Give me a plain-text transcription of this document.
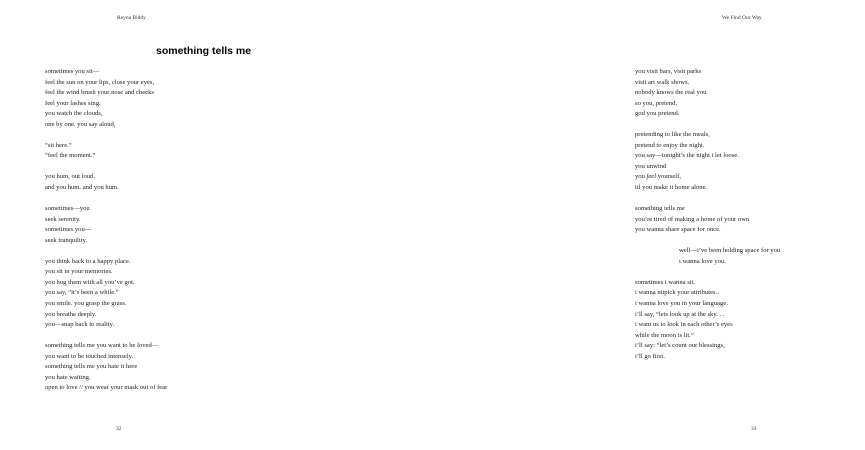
Reyna Biddy
something tells me
sometimes you sit—
feel the sun on your lips, close your eyes,
feel the wind brush your nose and cheeks
feel your lashes sing.
you watch the clouds,
one by one. you say aloud,
“sit here.”
“feel the moment.”
you hum, out loud.
and you hum. and you hum.
sometimes—you
seek serenity.
sometimes you—
seek tranquility.
you think back to a happy place.
you sit in your memories.
you hug them with all you’ve got.
you say, “it’s been a while.”
you smile. you grasp the grass.
you breathe deeply.
you—snap back to reality.
something tells me you want to be loved—
you want to be touched intensely.
something tells me you hate it here
you hate waiting.
open to love // you wear your mask out of fear
32
We Find Our Way
you visit bars, visit parks
visit art walk shows.
nobody knows the real you
so you, pretend.
god you pretend.
pretending to like the meals,
pretend to enjoy the night.
you say—tonight’s the night i let loose.
you unwind
you feel yourself,
til you make it home alone.
something tells me
you’re tired of making a home of your own
you wanna share space for once.
well—i’ve been holding space for you
i wanna love you.
sometimes i wanna sit.
i wanna nitpick your attributes..
i wanna love you in your language.
i’ll say, “lets look up at the sky. . .
i want us to look in each other’s eyes
while the moon is lit.”
i’ll say: “let’s count our blessings,
i’ll go first.
33
